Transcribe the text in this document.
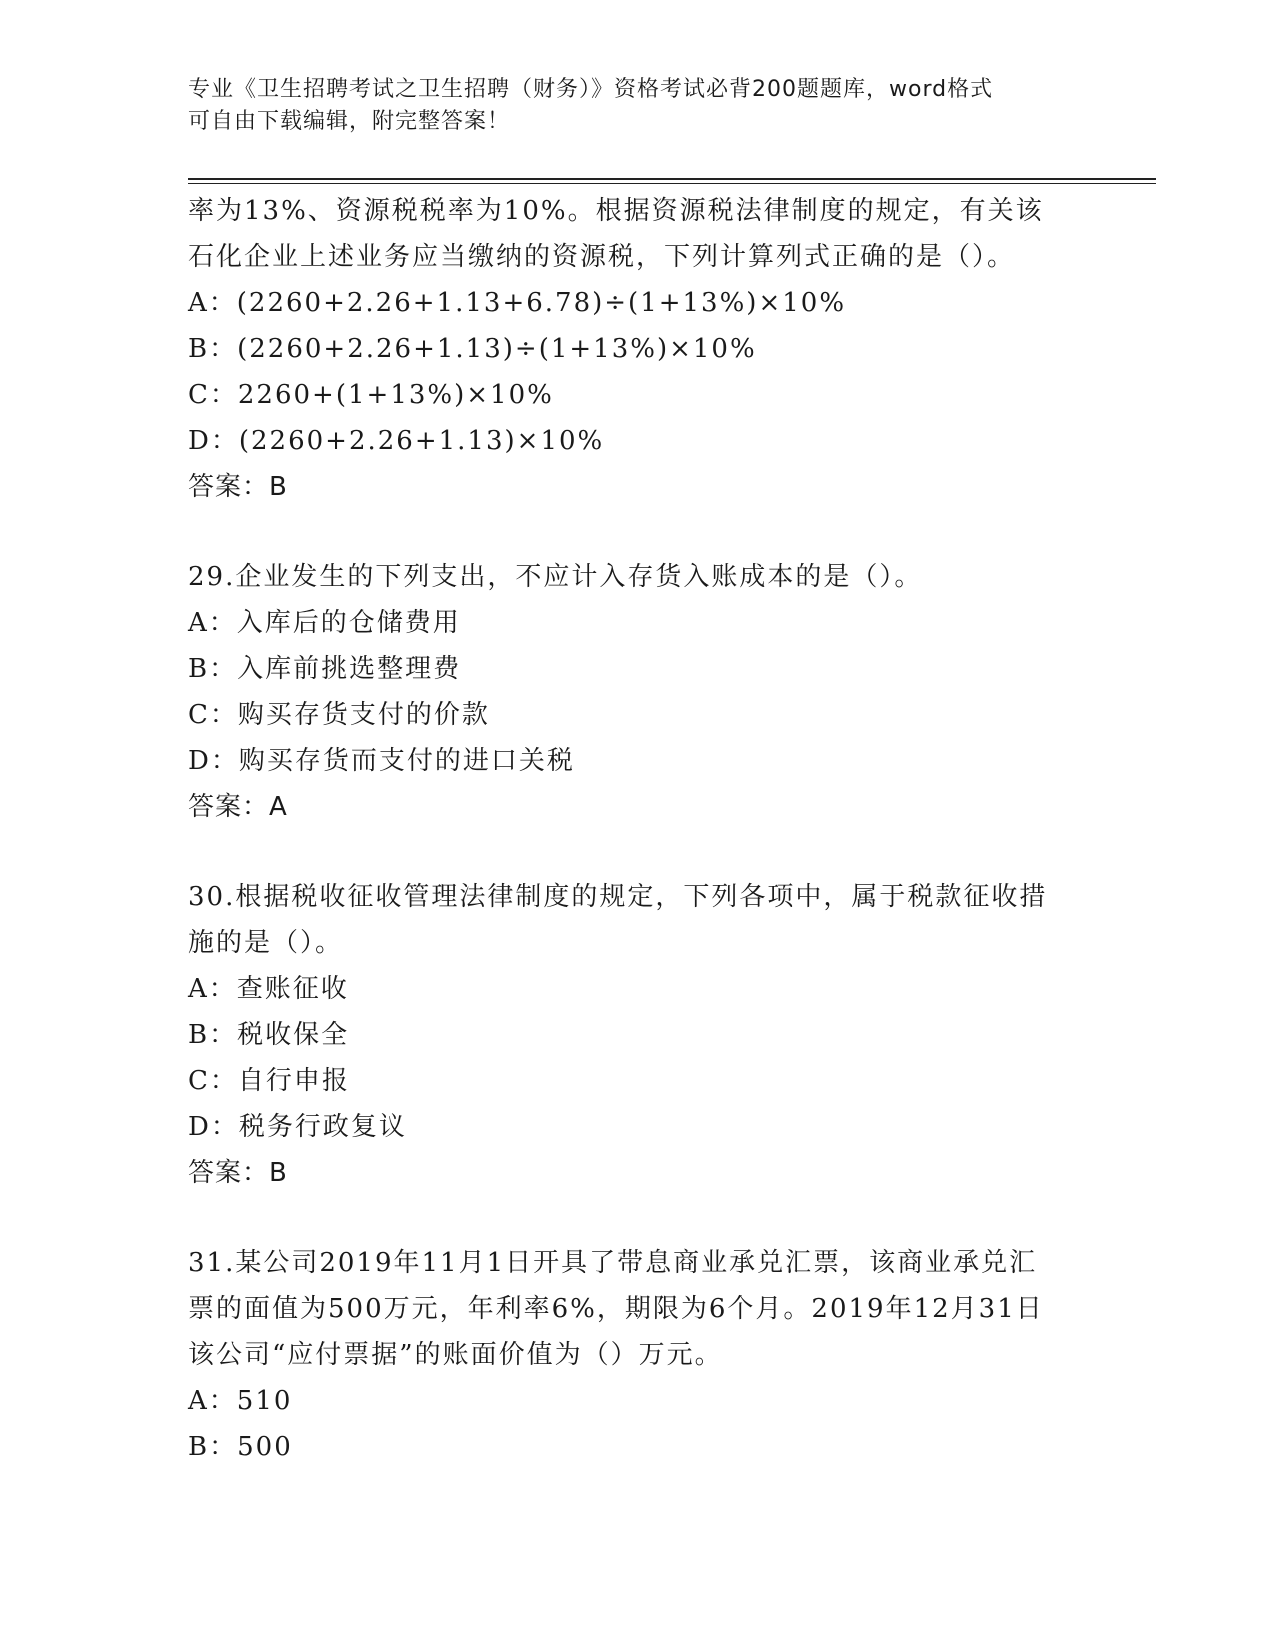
专业《卫生招聘考试之卫生招聘（财务）》资格考试必背200题题库，word格式
可自由下载编辑，附完整答案！
率为13%、资源税税率为10%。根据资源税法律制度的规定，有关该
石化企业上述业务应当缴纳的资源税，下列计算列式正确的是（）。
A：(2260+2.26+1.13+6.78)÷(1+13%)×10%
B：(2260+2.26+1.13)÷(1+13%)×10%
C：2260+(1+13%)×10%
D：(2260+2.26+1.13)×10%
答案：B
29.企业发生的下列支出，不应计入存货入账成本的是（）。
A：入库后的仓储费用
B：入库前挑选整理费
C：购买存货支付的价款
D：购买存货而支付的进口关税
答案：A
30.根据税收征收管理法律制度的规定，下列各项中，属于税款征收措
施的是（）。
A：查账征收
B：税收保全
C：自行申报
D：税务行政复议
答案：B
31.某公司2019年11月1日开具了带息商业承兑汇票，该商业承兑汇
票的面值为500万元，年利率6%，期限为6个月。2019年12月31日
该公司“应付票据”的账面价值为（）万元。
A：510
B：500
